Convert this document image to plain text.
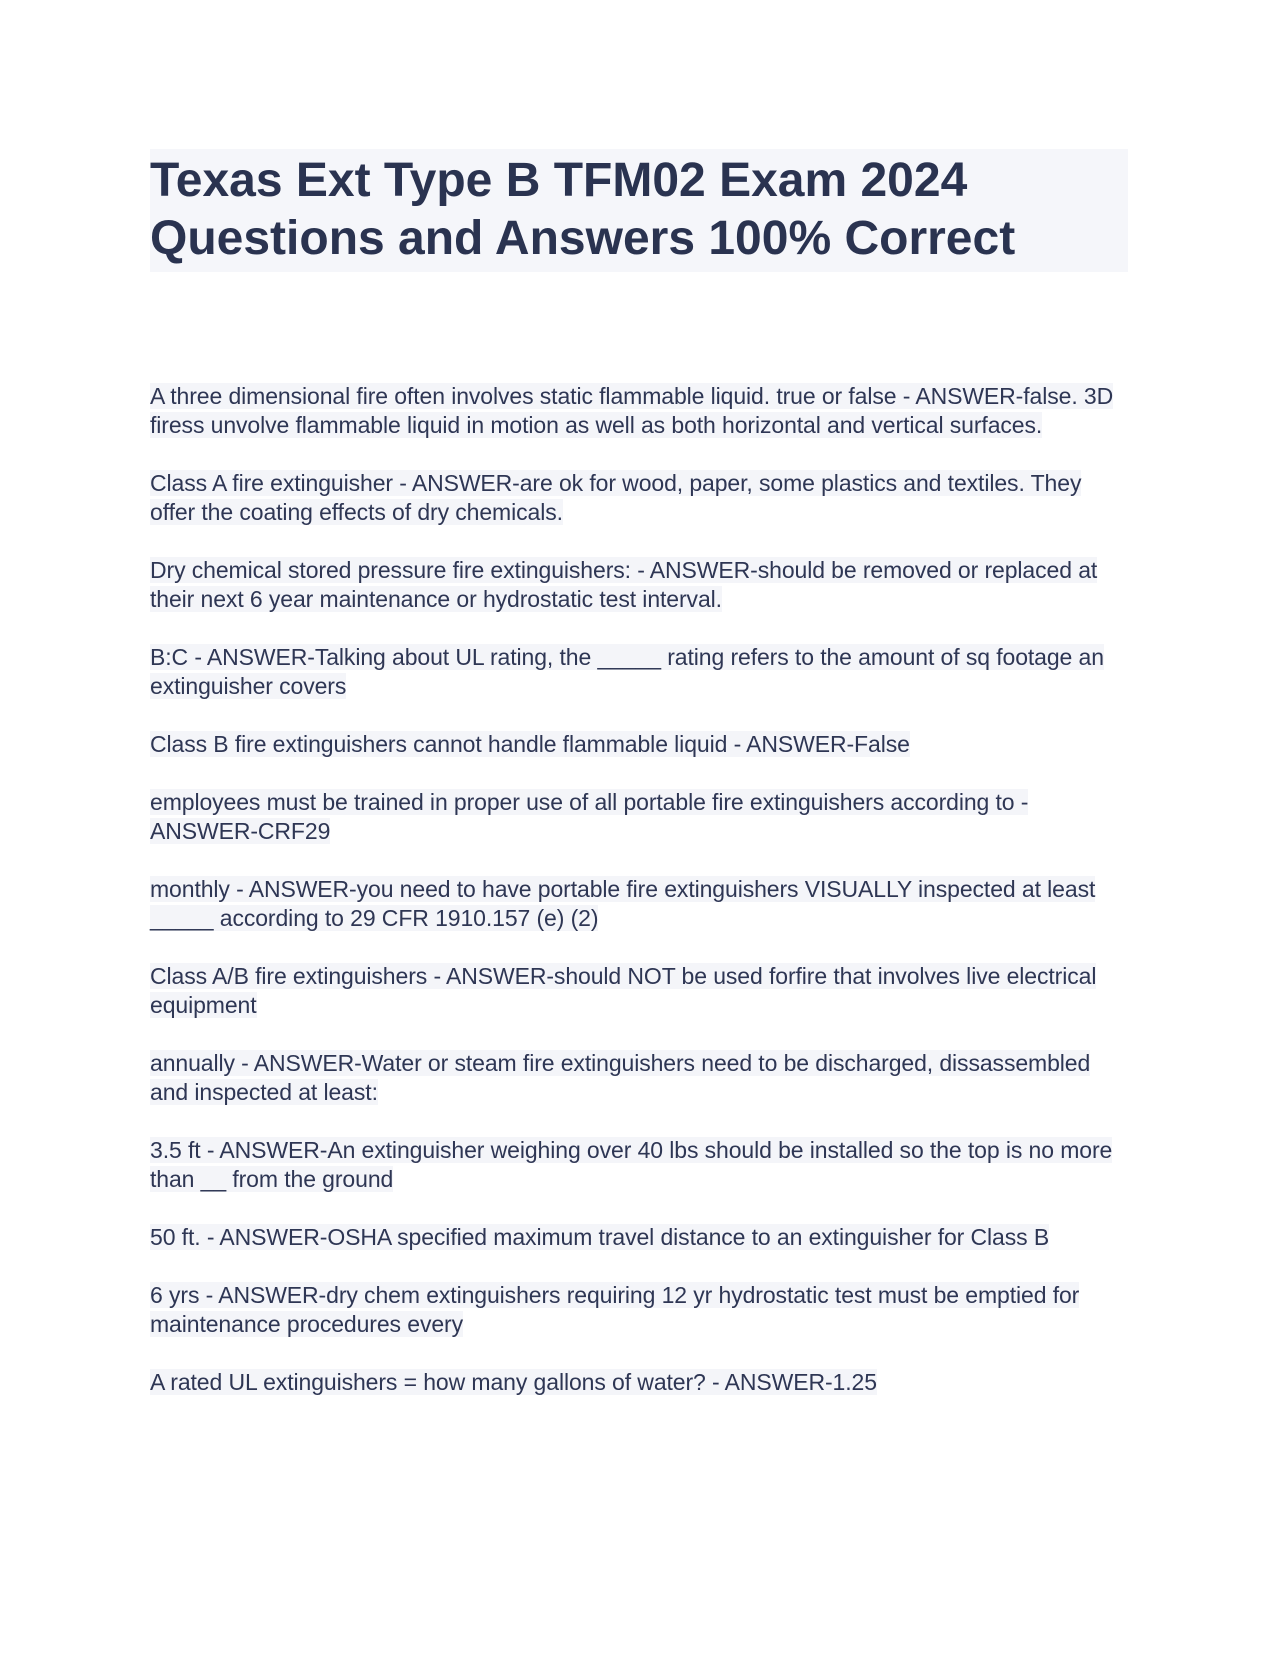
Texas Ext Type B TFM02 Exam 2024 Questions and Answers 100% Correct

A three dimensional fire often involves static flammable liquid. true or false - ANSWER-false. 3D firess unvolve flammable liquid in motion as well as both horizontal and vertical surfaces.

Class A fire extinguisher - ANSWER-are ok for wood, paper, some plastics and textiles. They offer the coating effects of dry chemicals.

Dry chemical stored pressure fire extinguishers: - ANSWER-should be removed or replaced at their next 6 year maintenance or hydrostatic test interval.

B:C - ANSWER-Talking about UL rating, the _____ rating refers to the amount of sq footage an extinguisher covers

Class B fire extinguishers cannot handle flammable liquid - ANSWER-False

employees must be trained in proper use of all portable fire extinguishers according to - ANSWER-CRF29

monthly - ANSWER-you need to have portable fire extinguishers VISUALLY inspected at least _____ according to 29 CFR 1910.157 (e) (2)

Class A/B fire extinguishers - ANSWER-should NOT be used forfire that involves live electrical equipment

annually - ANSWER-Water or steam fire extinguishers need to be discharged, dissassembled and inspected at least:

3.5 ft - ANSWER-An extinguisher weighing over 40 lbs should be installed so the top is no more than __ from the ground

50 ft. - ANSWER-OSHA specified maximum travel distance to an extinguisher for Class B

6 yrs - ANSWER-dry chem extinguishers requiring 12 yr hydrostatic test must be emptied for maintenance procedures every

A rated UL extinguishers = how many gallons of water? - ANSWER-1.25
